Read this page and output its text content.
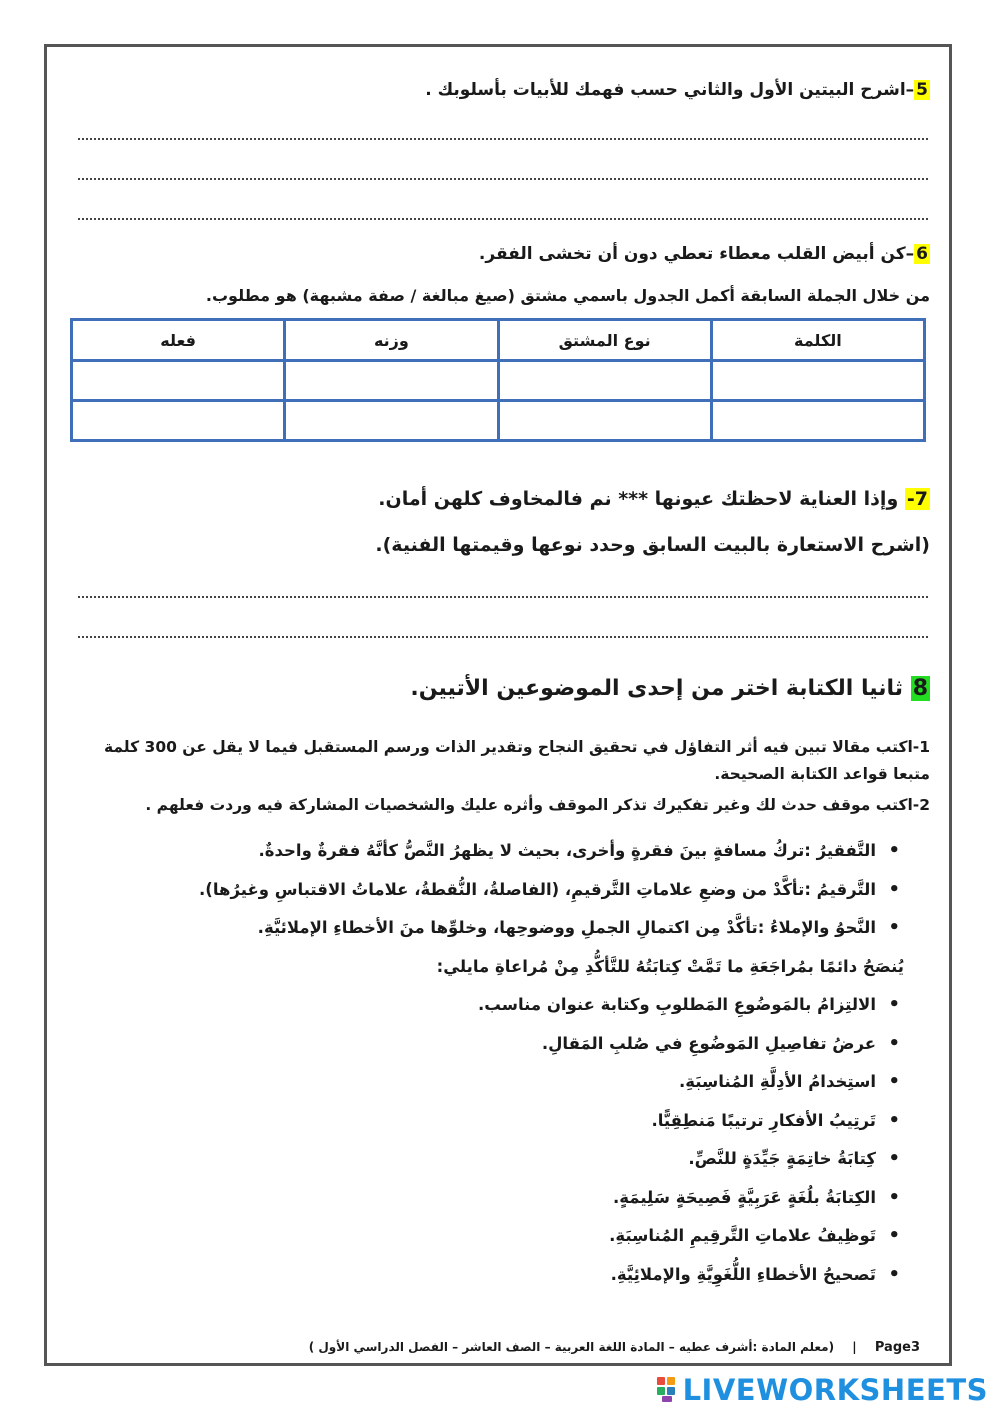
5–اشرح البيتين الأول والثاني حسب فهمك للأبيات بأسلوبك .
6–كن أبيض القلب معطاء تعطي دون أن تخشى الفقر.
من خلال الجملة السابقة أكمل الجدول باسمي مشتق (صيغ مبالغة / صفة مشبهة) هو مطلوب.
الكلمة	نوع المشتق	وزنه	فعله

7- وإذا العناية لاحظتك عيونها *** نم فالمخاوف كلهن أمان.
(اشرح الاستعارة بالبيت السابق وحدد نوعها وقيمتها الفنية).
8 ثانيا الكتابة اختر من إحدى الموضوعين الأتيين.
1-اكتب مقالا تبين فيه أثر التفاؤل في تحقيق النجاح وتقدير الذات ورسم المستقبل فيما لا يقل عن 300 كلمة متبعا قواعد الكتابة الصحيحة.
2-اكتب موقف حدث لك وغير تفكيرك تذكر الموقف وأثره عليك والشخصيات المشاركة فيه وردت فعلهم .
• التَّفقيرُ :تركُ مسافةٍ بينَ فقرةٍ وأخرى، بحيث لا يظهرُ النَّصُّ كأنَّهُ فقرةٌ واحدةٌ.
• التَّرقيمُ :تأكَّدْ من وضعِ علاماتِ التَّرقيمِ، (الفاصلةُ، النُّقطةُ، علاماتُ الاقتباسِ وغيرُها).
• النَّحوُ والإملاءُ :تأكَّدْ مِن اكتمالِ الجملِ ووضوحِها، وخلوِّها منَ الأخطاءِ الإملائيَّةِ.
يُنصَحُ دائمًا بمُراجَعَةِ ما تَمَّتْ كِتابَتُهُ للتَّأكُّدِ مِنْ مُراعاةِ مايلي:
• الالتِزامُ بالمَوضُوعِ المَطلوبِ وكتابة عنوان مناسب.
• عرضُ تفاصِيلِ المَوضُوعِ في صُلبِ المَقالِ.
• استِخدامُ الأدِلَّةِ المُناسِبَةِ.
• تَرتِيبُ الأفكارِ ترتيبًا مَنطِقِيًّا.
• كِتابَةُ خاتِمَةٍ جَيِّدَةٍ للنَّصِّ.
• الكِتابَةُ بلُغَةٍ عَرَبِيَّةٍ فَصِيحَةٍ سَلِيمَةٍ.
• تَوظِيفُ علاماتِ التَّرقِيمِ المُناسِبَةِ.
• تَصحيحُ الأخطاءِ اللُّغَوِيَّةِ والإملائِيَّةِ.
Page3 | (معلم المادة :أشرف عطيه – المادة اللغة العربية – الصف العاشر – الفصل الدراسي الأول )
LIVEWORKSHEETS
